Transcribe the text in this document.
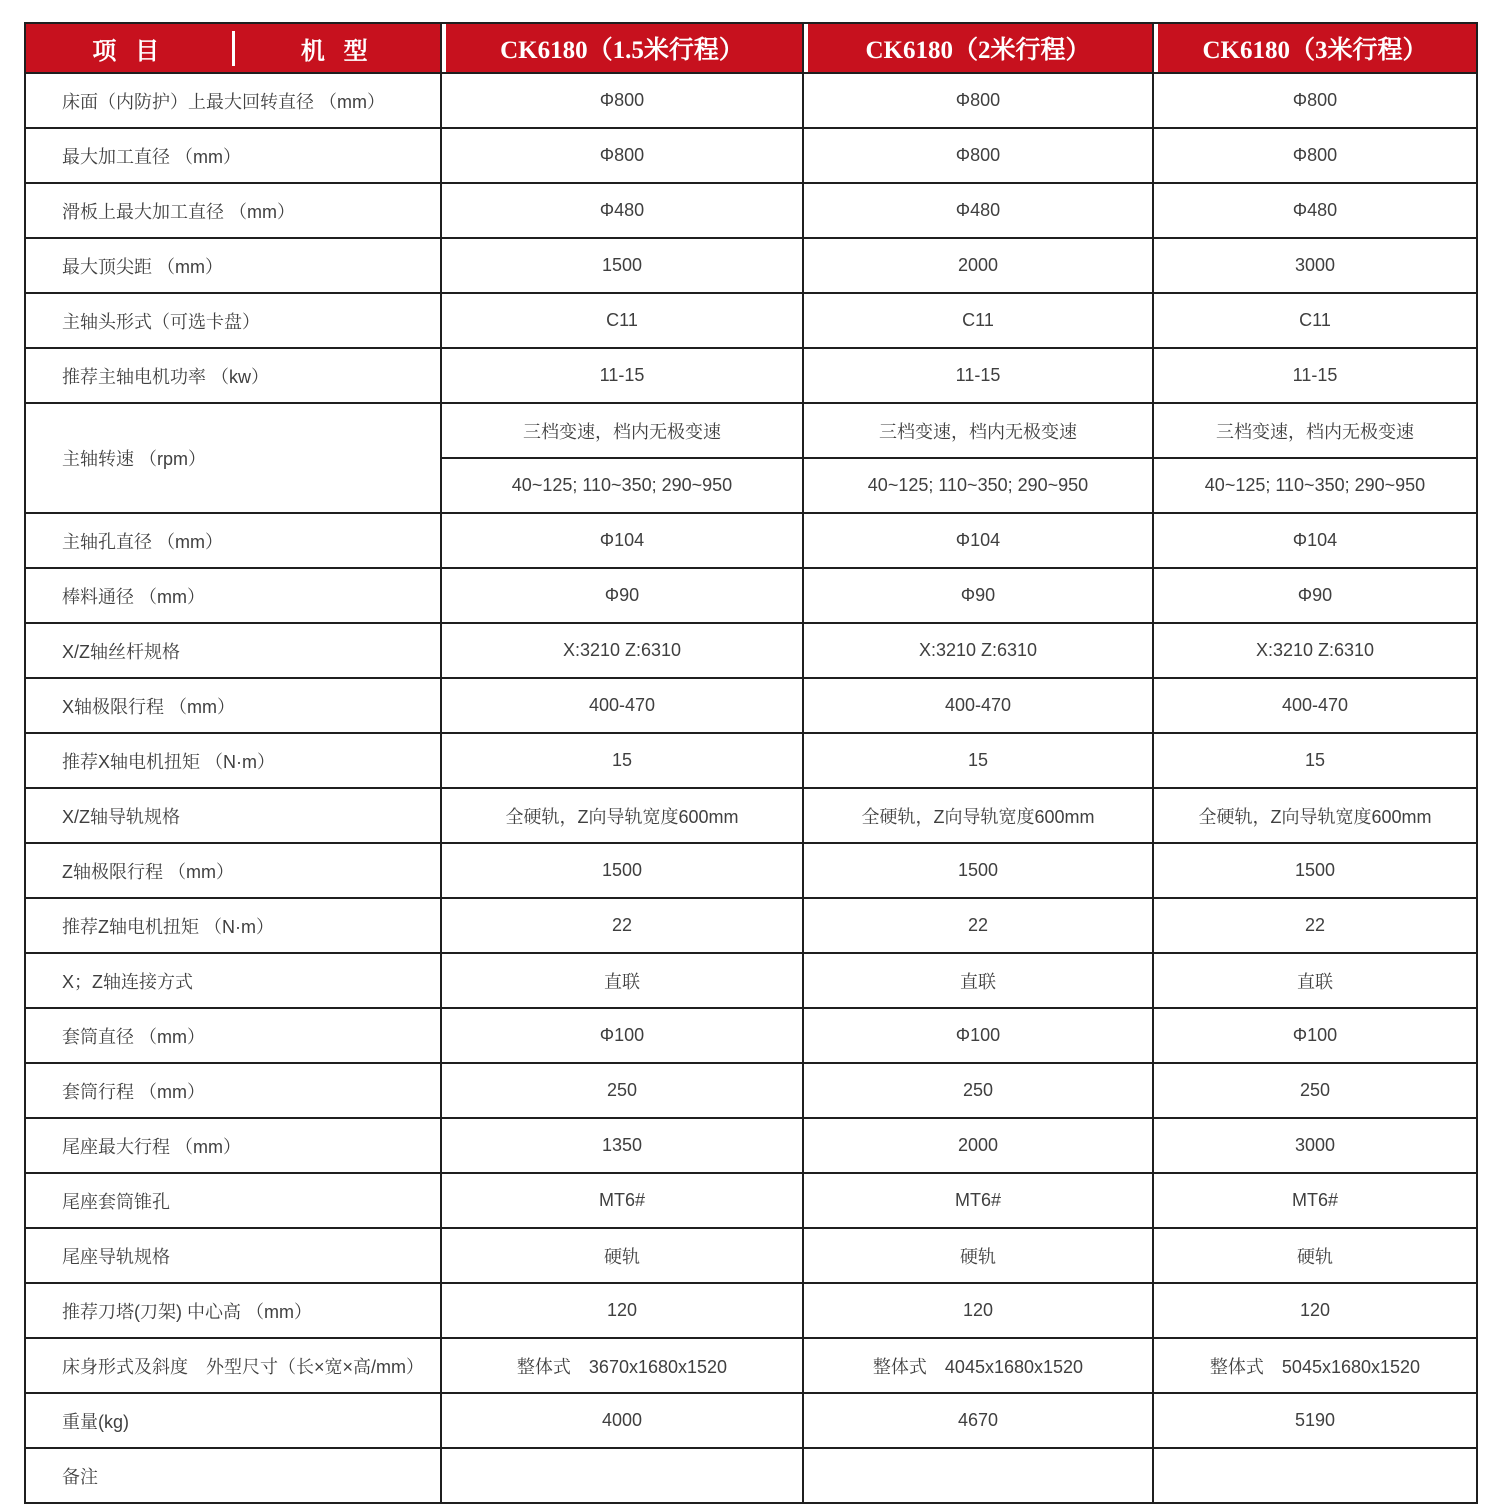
项 目 机 型	CK6180（1.5米行程）	CK6180（2米行程）	CK6180（3米行程）
床面（内防护）上最大回转直径 （mm）	Φ800	Φ800	Φ800
最大加工直径 （mm）	Φ800	Φ800	Φ800
滑板上最大加工直径 （mm）	Φ480	Φ480	Φ480
最大顶尖距 （mm）	1500	2000	3000
主轴头形式（可选卡盘）	C11	C11	C11
推荐主轴电机功率 （kw）	11-15	11-15	11-15
主轴转速 （rpm）	三档变速，档内无极变速	三档变速，档内无极变速	三档变速，档内无极变速
	40~125; 110~350; 290~950	40~125; 110~350; 290~950	40~125; 110~350; 290~950
主轴孔直径 （mm）	Φ104	Φ104	Φ104
棒料通径 （mm）	Φ90	Φ90	Φ90
X/Z轴丝杆规格	X:3210 Z:6310	X:3210 Z:6310	X:3210 Z:6310
X轴极限行程 （mm）	400-470	400-470	400-470
推荐X轴电机扭矩 （N·m）	15	15	15
X/Z轴导轨规格	全硬轨，Z向导轨宽度600mm	全硬轨，Z向导轨宽度600mm	全硬轨，Z向导轨宽度600mm
Z轴极限行程 （mm）	1500	1500	1500
推荐Z轴电机扭矩 （N·m）	22	22	22
X；Z轴连接方式	直联	直联	直联
套筒直径 （mm）	Φ100	Φ100	Φ100
套筒行程 （mm）	250	250	250
尾座最大行程 （mm）	1350	2000	3000
尾座套筒锥孔	MT6#	MT6#	MT6#
尾座导轨规格	硬轨	硬轨	硬轨
推荐刀塔(刀架) 中心高 （mm）	120	120	120
床身形式及斜度　外型尺寸（长×宽×高/mm）	整体式　3670x1680x1520	整体式　4045x1680x1520	整体式　5045x1680x1520
重量(kg)	4000	4670	5190
备注			
